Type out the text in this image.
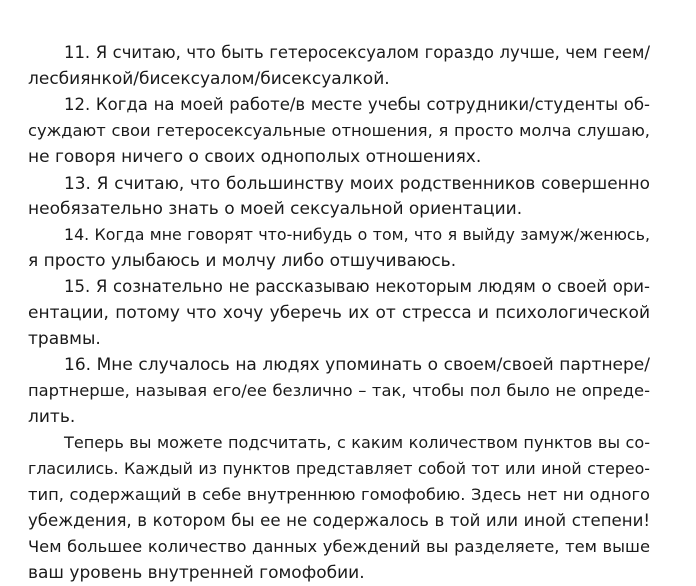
11. Я считаю, что быть гетеросексуалом гораздо лучше, чем геем/
лесбиянкой/бисексуалом/бисексуалкой.
12. Когда на моей работе/в месте учебы сотрудники/студенты об-
суждают свои гетеросексуальные отношения, я просто молча слушаю,
не говоря ничего о своих однополых отношениях.
13. Я считаю, что большинству моих родственников совершенно
необязательно знать о моей сексуальной ориентации.
14. Когда мне говорят что-нибудь о том, что я выйду замуж/женюсь,
я просто улыбаюсь и молчу либо отшучиваюсь.
15. Я сознательно не рассказываю некоторым людям о своей ори-
ентации, потому что хочу уберечь их от стресса и психологической
травмы.
16. Мне случалось на людях упоминать о своем/своей партнере/
партнерше, называя его/ее безлично – так, чтобы пол было не опреде-
лить.
Теперь вы можете подсчитать, с каким количеством пунктов вы со-
гласились. Каждый из пунктов представляет собой тот или иной стерео-
тип, содержащий в себе внутреннюю гомофобию. Здесь нет ни одного
убеждения, в котором бы ее не содержалось в той или иной степени!
Чем большее количество данных убеждений вы разделяете, тем выше
ваш уровень внутренней гомофобии.
